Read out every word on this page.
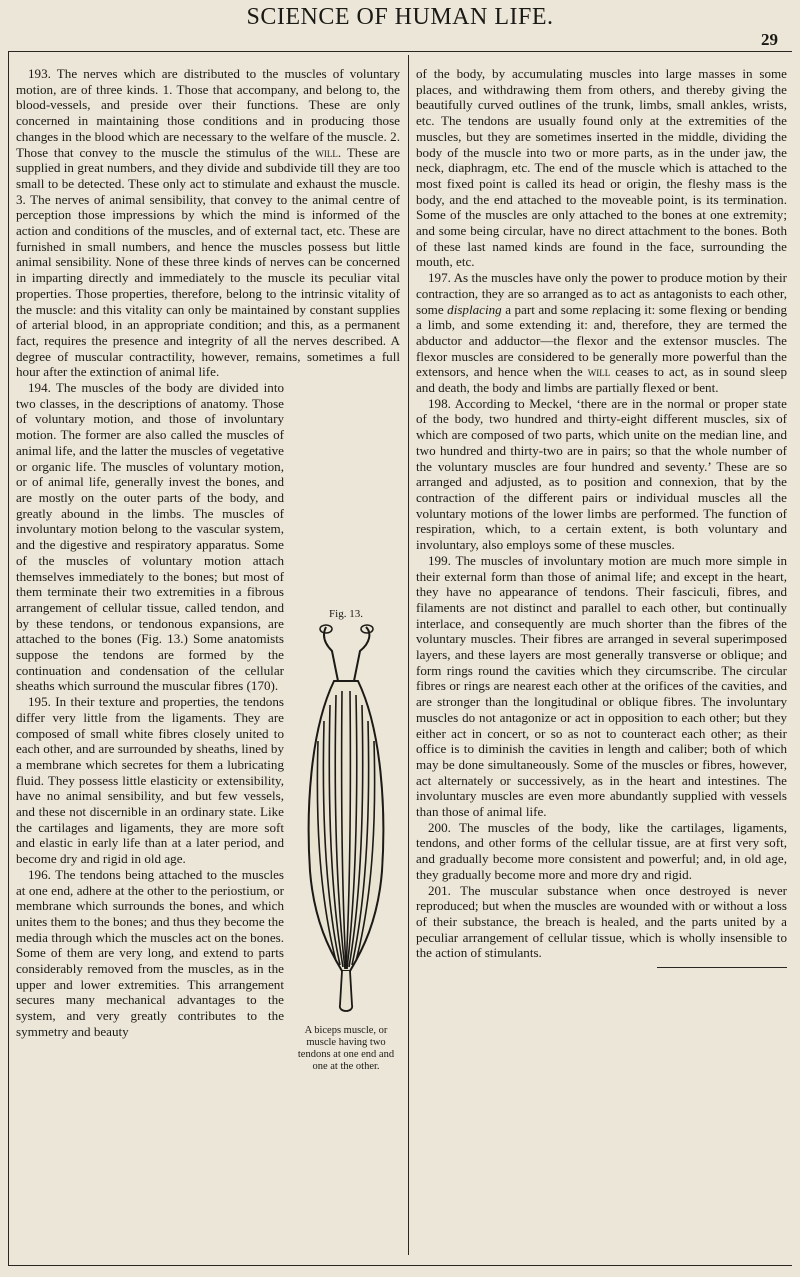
SCIENCE OF HUMAN LIFE.
29

193. The nerves which are distributed to the muscles of voluntary motion, are of three kinds. 1. Those that accompany, and belong to, the blood-vessels, and preside over their functions. These are only concerned in maintaining those conditions and in producing those changes in the blood which are necessary to the welfare of the muscle. 2. Those that convey to the muscle the stimulus of the will. These are supplied in great numbers, and they divide and subdivide till they are too small to be detected. These only act to stimulate and exhaust the muscle. 3. The nerves of animal sensibility, that convey to the animal centre of perception those impressions by which the mind is informed of the action and conditions of the muscles, and of external tact, etc. These are furnished in small numbers, and hence the muscles possess but little animal sensibility. None of these three kinds of nerves can be concerned in imparting directly and immediately to the muscle its peculiar vital properties. Those properties, therefore, belong to the intrinsic vitality of the muscle: and this vitality can only be maintained by constant supplies of arterial blood, in an appropriate condition; and this, as a permanent fact, requires the presence and integrity of all the nerves described. A degree of muscular contractility, however, remains, sometimes a full hour after the extinction of animal life.

Fig. 13.
A biceps muscle, or muscle having two tendons at one end and one at the other.

194. The muscles of the body are divided into two classes, in the descriptions of anatomy. Those of voluntary motion, and those of involuntary motion. The former are also called the muscles of animal life, and the latter the muscles of vegetative or organic life. The muscles of voluntary motion, or of animal life, generally invest the bones, and are mostly on the outer parts of the body, and greatly abound in the limbs. The muscles of involuntary motion belong to the vascular system, and the digestive and respiratory apparatus. Some of the muscles of voluntary motion attach themselves immediately to the bones; but most of them terminate their two extremities in a fibrous arrangement of cellular tissue, called tendon, and by these tendons, or tendonous expansions, are attached to the bones (Fig. 13.) Some anatomists suppose the tendons are formed by the continuation and condensation of the cellular sheaths which surround the muscular fibres (170).

195. In their texture and properties, the tendons differ very little from the ligaments. They are composed of small white fibres closely united to each other, and are surrounded by sheaths, lined by a membrane which secretes for them a lubricating fluid. They possess little elasticity or extensibility, have no animal sensibility, and but few vessels, and these not discernible in an ordinary state. Like the cartilages and ligaments, they are more soft and elastic in early life than at a later period, and become dry and rigid in old age.

196. The tendons being attached to the muscles at one end, adhere at the other to the periostium, or membrane which surrounds the bones, and which unites them to the bones; and thus they become the media through which the muscles act on the bones. Some of them are very long, and extend to parts considerably removed from the muscles, as in the upper and lower extremities. This arrangement secures many mechanical advantages to the system, and very greatly contributes to the symmetry and beauty

of the body, by accumulating muscles into large masses in some places, and withdrawing them from others, and thereby giving the beautifully curved outlines of the trunk, limbs, small ankles, wrists, etc. The tendons are usually found only at the extremities of the muscles, but they are sometimes inserted in the middle, dividing the body of the muscle into two or more parts, as in the under jaw, the neck, diaphragm, etc. The end of the muscle which is attached to the most fixed point is called its head or origin, the fleshy mass is the body, and the end attached to the moveable point, is its termination. Some of the muscles are only attached to the bones at one extremity; and some being circular, have no direct attachment to the bones. Both of these last named kinds are found in the face, surrounding the mouth, etc.

197. As the muscles have only the power to produce motion by their contraction, they are so arranged as to act as antagonists to each other, some displacing a part and some replacing it: some flexing or bending a limb, and some extending it: and, therefore, they are termed the abductor and adductor—the flexor and the extensor muscles. The flexor muscles are considered to be generally more powerful than the extensors, and hence when the will ceases to act, as in sound sleep and death, the body and limbs are partially flexed or bent.

198. According to Meckel, ‘there are in the normal or proper state of the body, two hundred and thirty-eight different muscles, six of which are composed of two parts, which unite on the median line, and two hundred and thirty-two are in pairs; so that the whole number of the voluntary muscles are four hundred and seventy.’ These are so arranged and adjusted, as to position and connexion, that by the contraction of the different pairs or individual muscles all the voluntary motions of the lower limbs are performed. The function of respiration, which, to a certain extent, is both voluntary and involuntary, also employs some of these muscles.

199. The muscles of involuntary motion are much more simple in their external form than those of animal life; and except in the heart, they have no appearance of tendons. Their fasciculi, fibres, and filaments are not distinct and parallel to each other, but continually interlace, and consequently are much shorter than the fibres of the voluntary muscles. Their fibres are arranged in several superimposed layers, and these layers are most generally transverse or oblique; and form rings round the cavities which they circumscribe. The circular fibres or rings are nearest each other at the orifices of the cavities, and are stronger than the longitudinal or oblique fibres. The involuntary muscles do not antagonize or act in opposition to each other; but they either act in concert, or so as not to counteract each other; as their office is to diminish the cavities in length and caliber; both of which may be done simultaneously. Some of the muscles or fibres, however, act alternately or successively, as in the heart and intestines. The involuntary muscles are even more abundantly supplied with vessels than those of animal life.

200. The muscles of the body, like the cartilages, ligaments, tendons, and other forms of the cellular tissue, are at first very soft, and gradually become more consistent and powerful; and, in old age, they gradually become more and more dry and rigid.

201. The muscular substance when once destroyed is never reproduced; but when the muscles are wounded with or without a loss of their substance, the breach is healed, and the parts united by a peculiar arrangement of cellular tissue, which is wholly insensible to the action of stimulants.
